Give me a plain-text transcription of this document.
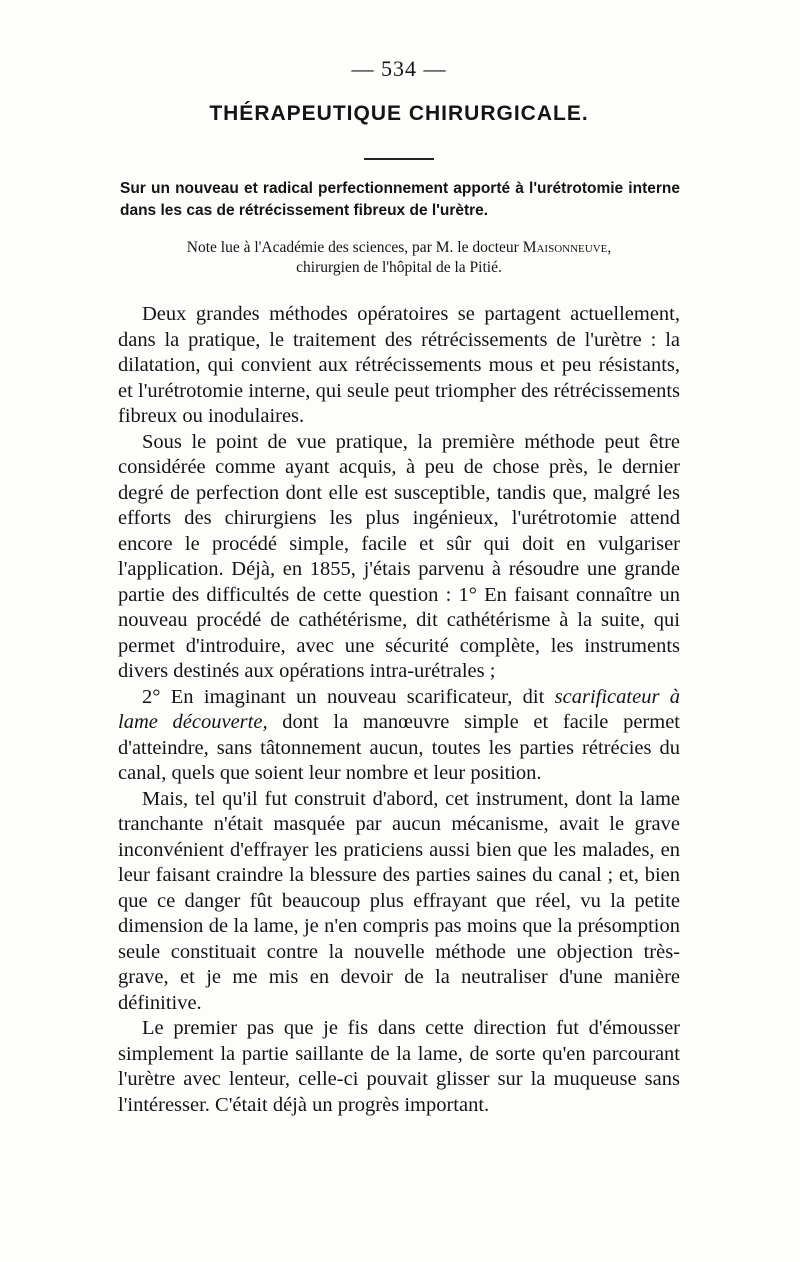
— 534 —
THÉRAPEUTIQUE CHIRURGICALE.
Sur un nouveau et radical perfectionnement apporté à l'urétrotomie interne dans les cas de rétrécissement fibreux de l'urètre.
Note lue à l'Académie des sciences, par M. le docteur Maisonneuve,
chirurgien de l'hôpital de la Pitié.

Deux grandes méthodes opératoires se partagent actuellement, dans la pratique, le traitement des rétrécissements de l'urètre : la dilatation, qui convient aux rétrécissements mous et peu résistants, et l'urétrotomie interne, qui seule peut triompher des rétrécissements fibreux ou inodulaires.

Sous le point de vue pratique, la première méthode peut être considérée comme ayant acquis, à peu de chose près, le dernier degré de perfection dont elle est susceptible, tandis que, malgré les efforts des chirurgiens les plus ingénieux, l'urétrotomie attend encore le procédé simple, facile et sûr qui doit en vulgariser l'application. Déjà, en 1855, j'étais parvenu à résoudre une grande partie des difficultés de cette question : 1° En faisant connaître un nouveau procédé de cathétérisme, dit cathétérisme à la suite, qui permet d'introduire, avec une sécurité complète, les instruments divers destinés aux opérations intra-urétrales ;

2° En imaginant un nouveau scarificateur, dit scarificateur à lame découverte, dont la manœuvre simple et facile permet d'atteindre, sans tâtonnement aucun, toutes les parties rétrécies du canal, quels que soient leur nombre et leur position.

Mais, tel qu'il fut construit d'abord, cet instrument, dont la lame tranchante n'était masquée par aucun mécanisme, avait le grave inconvénient d'effrayer les praticiens aussi bien que les malades, en leur faisant craindre la blessure des parties saines du canal ; et, bien que ce danger fût beaucoup plus effrayant que réel, vu la petite dimension de la lame, je n'en compris pas moins que la présomption seule constituait contre la nouvelle méthode une objection très-grave, et je me mis en devoir de la neutraliser d'une manière définitive.

Le premier pas que je fis dans cette direction fut d'émousser simplement la partie saillante de la lame, de sorte qu'en parcourant l'urètre avec lenteur, celle-ci pouvait glisser sur la muqueuse sans l'intéresser. C'était déjà un progrès important.
